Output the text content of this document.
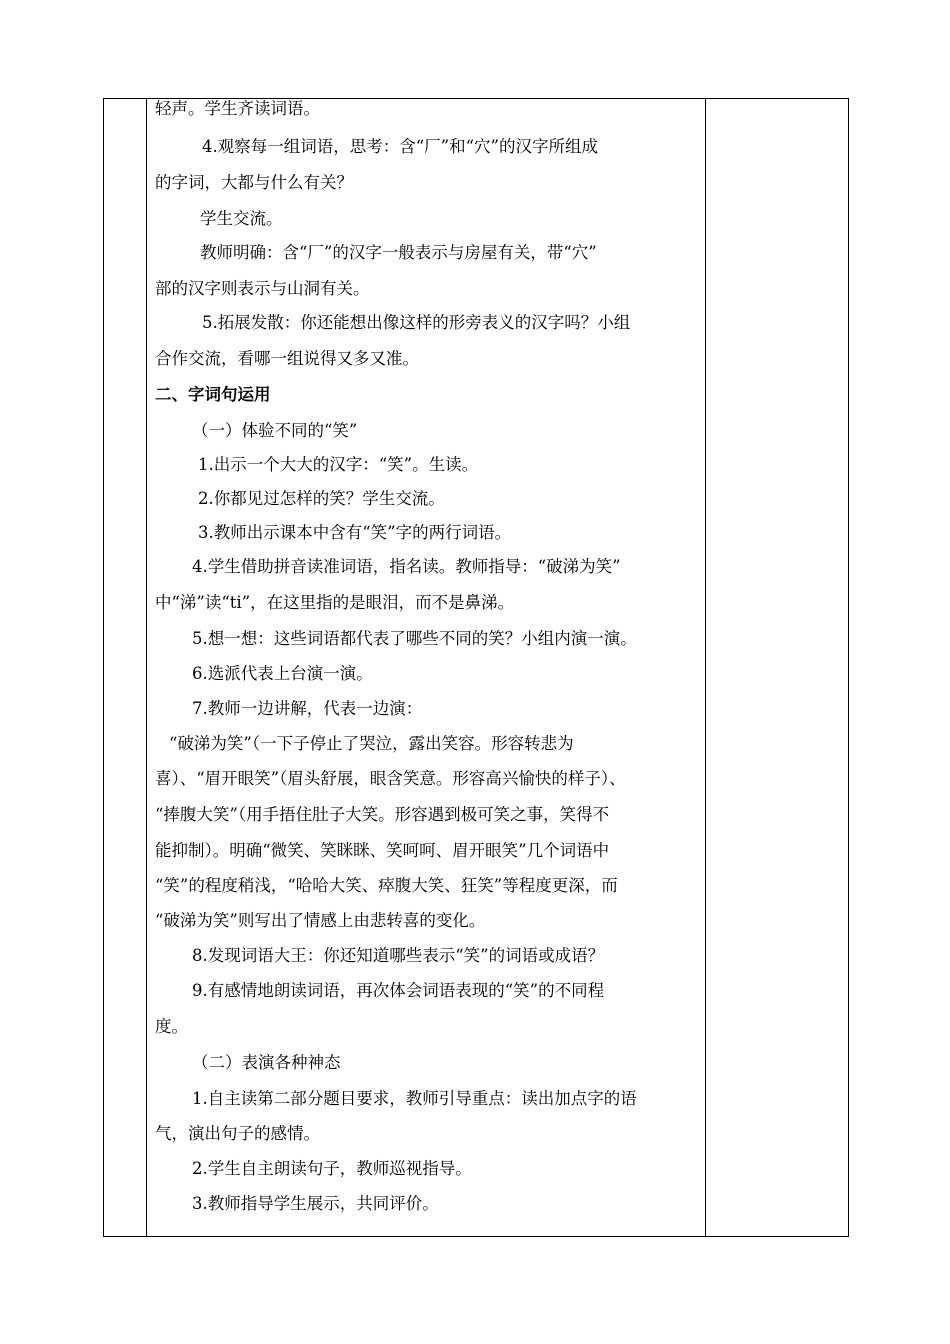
轻声。学生齐读词语。
4.观察每一组词语，思考：含“厂”和“穴”的汉字所组成
的字词，大都与什么有关？
学生交流。
教师明确：含“厂”的汉字一般表示与房屋有关，带“穴”
部的汉字则表示与山洞有关。
5.拓展发散：你还能想出像这样的形旁表义的汉字吗？小组
合作交流，看哪一组说得又多又准。
二、字词句运用
（一）体验不同的“笑”
1.出示一个大大的汉字：“笑”。生读。
2.你都见过怎样的笑？学生交流。
3.教师出示课本中含有“笑”字的两行词语。
4.学生借助拼音读准词语，指名读。教师指导：“破涕为笑”
中“涕”读“ti”，在这里指的是眼泪，而不是鼻涕。
5.想一想：这些词语都代表了哪些不同的笑？小组内演一演。
6.选派代表上台演一演。
7.教师一边讲解，代表一边演：
“破涕为笑”（一下子停止了哭泣，露出笑容。形容转悲为
喜）、“眉开眼笑”（眉头舒展，眼含笑意。形容高兴愉快的样子）、
“捧腹大笑”（用手捂住肚子大笑。形容遇到极可笑之事，笑得不
能抑制）。明确“微笑、笑眯眯、笑呵呵、眉开眼笑”几个词语中
“笑”的程度稍浅，“哈哈大笑、瘁腹大笑、狂笑”等程度更深，而
“破涕为笑”则写出了情感上由悲转喜的变化。
8.发现词语大王：你还知道哪些表示“笑”的词语或成语？
9.有感情地朗读词语，再次体会词语表现的“笑”的不同程
度。
（二）表演各种神态
1.自主读第二部分题目要求，教师引导重点：读出加点字的语
气，演出句子的感情。
2.学生自主朗读句子，教师巡视指导。
3.教师指导学生展示，共同评价。
